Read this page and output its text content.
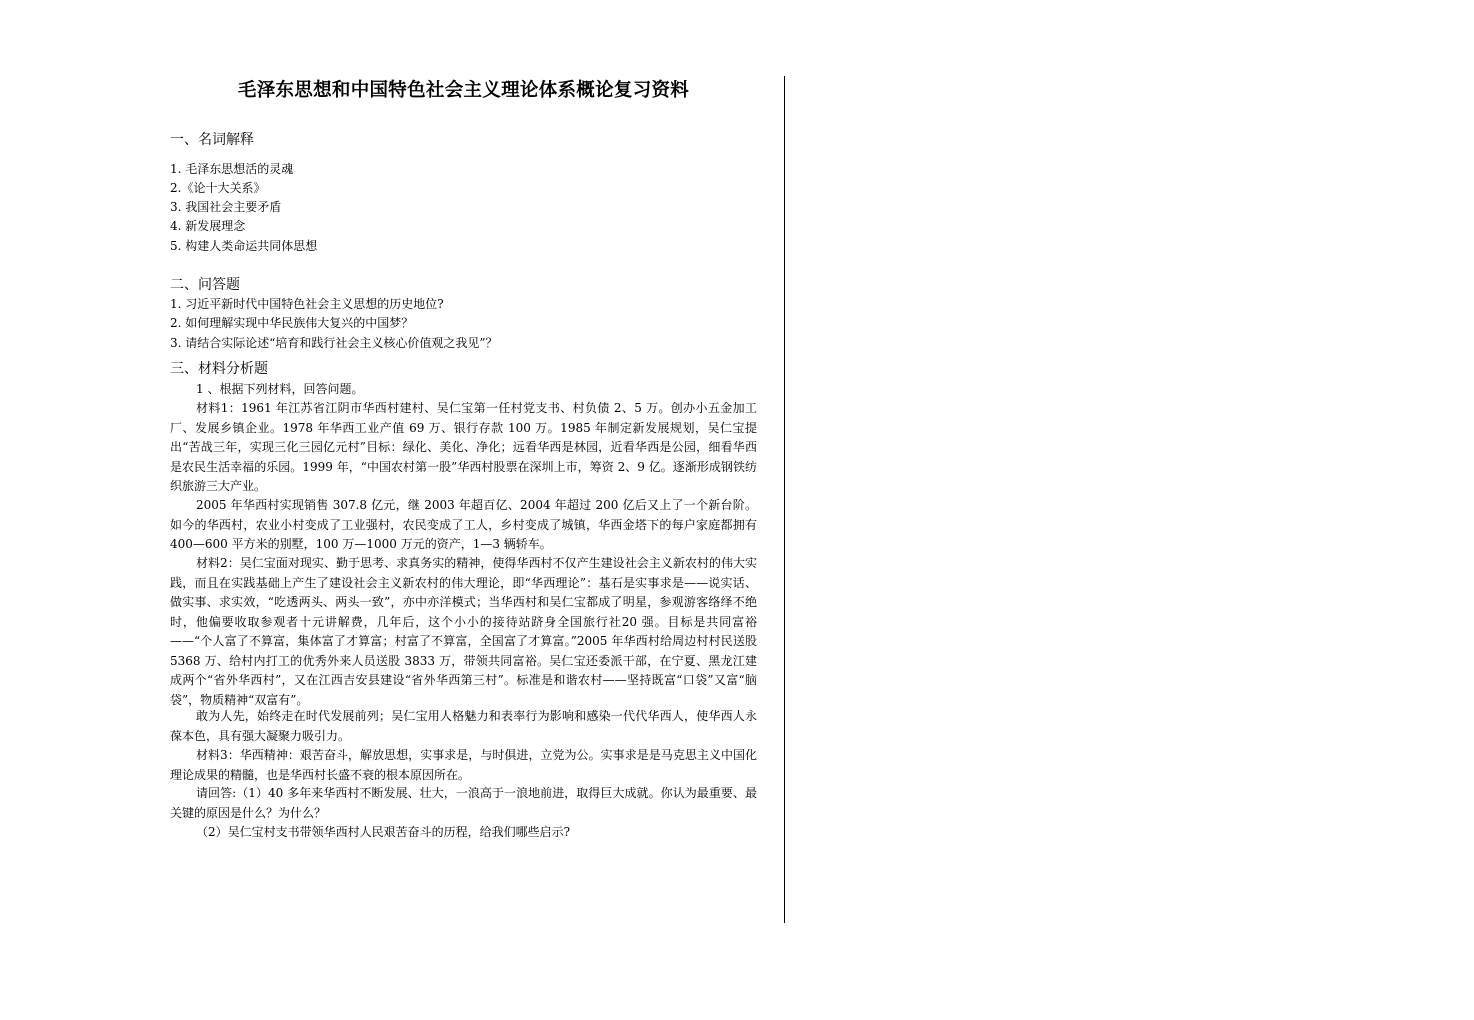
毛泽东思想和中国特色社会主义理论体系概论复习资料
一、名词解释
1. 毛泽东思想活的灵魂
2.《论十大关系》
3. 我国社会主要矛盾
4. 新发展理念
5. 构建人类命运共同体思想
二、问答题
1. 习近平新时代中国特色社会主义思想的历史地位?
2. 如何理解实现中华民族伟大复兴的中国梦？
3. 请结合实际论述“培育和践行社会主义核心价值观之我见”？
三、材料分析题
1 、根据下列材料，回答问题。
材料1：1961 年江苏省江阴市华西村建村、吴仁宝第一任村党支书、村负债 2、5 万。创办小五金加工厂、发展乡镇企业。1978 年华西工业产值 69 万、银行存款 100 万。1985 年制定新发展规划，吴仁宝提出“苦战三年，实现三化三园亿元村”目标：绿化、美化、净化；远看华西是林园，近看华西是公园，细看华西是农民生活幸福的乐园。1999 年，“中国农村第一股”华西村股票在深圳上市，筹资 2、9 亿。逐渐形成钢铁纺织旅游三大产业。
2005 年华西村实现销售 307.8 亿元，继 2003 年超百亿、2004 年超过 200 亿后又上了一个新台阶。如今的华西村，农业小村变成了工业强村，农民变成了工人，乡村变成了城镇，华西金塔下的每户家庭都拥有 400—600 平方米的别墅，100 万—1000 万元的资产，1—3 辆轿车。
材料2：吴仁宝面对现实、勤于思考、求真务实的精神，使得华西村不仅产生建设社会主义新农村的伟大实践，而且在实践基础上产生了建设社会主义新农村的伟大理论，即“华西理论”：基石是实事求是——说实话、做实事、求实效，“吃透两头、两头一致”，亦中亦洋模式；当华西村和吴仁宝都成了明星，参观游客络绎不绝时，他偏要收取参观者十元讲解费，几年后，这个小小的接待站跻身全国旅行社20 强。目标是共同富裕——“个人富了不算富，集体富了才算富；村富了不算富，全国富了才算富。”2005 年华西村给周边村村民送股 5368 万、给村内打工的优秀外来人员送股 3833 万，带领共同富裕。吴仁宝还委派干部，在宁夏、黑龙江建成两个“省外华西村”，又在江西吉安县建设“省外华西第三村”。标准是和谐农村——坚持既富“口袋”又富“脑袋”，物质精神“双富有”。
敢为人先，始终走在时代发展前列；吴仁宝用人格魅力和表率行为影响和感染一代代华西人，使华西人永葆本色，具有强大凝聚力吸引力。
材料3：华西精神：艰苦奋斗，解放思想，实事求是，与时俱进，立党为公。实事求是是马克思主义中国化理论成果的精髓，也是华西村长盛不衰的根本原因所在。
请回答:（1）40 多年来华西村不断发展、壮大，一浪高于一浪地前进，取得巨大成就。你认为最重要、最关键的原因是什么？为什么？
（2）吴仁宝村支书带领华西村人民艰苦奋斗的历程，给我们哪些启示?
